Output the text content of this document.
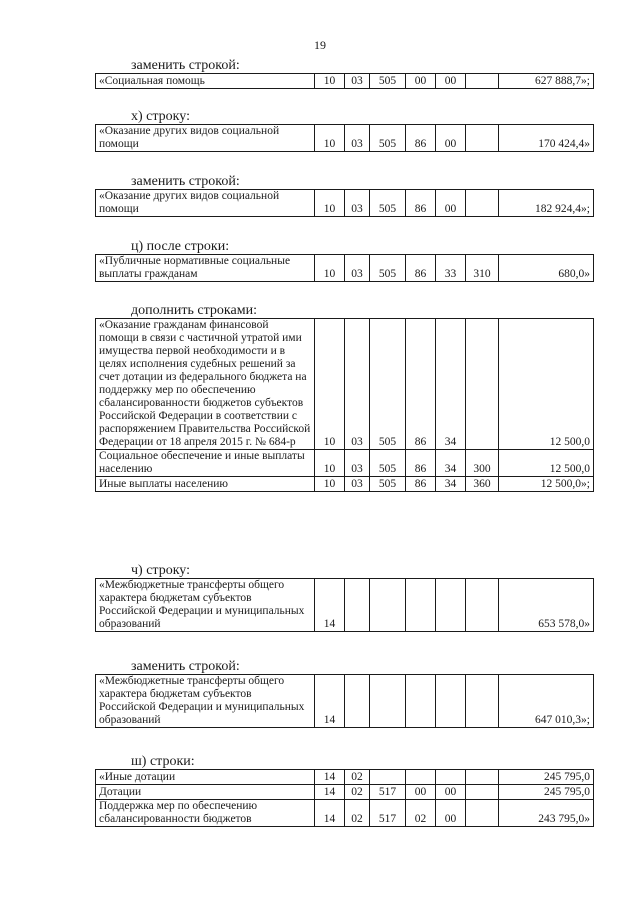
19
заменить строкой:
«Социальная помощь	10	03	505	00	00		627 888,7»;
х) строку:
«Оказание других видов социальной помощи	10	03	505	86	00		170 424,4»
заменить строкой:
«Оказание других видов социальной помощи	10	03	505	86	00		182 924,4»;
ц) после строки:
«Публичные нормативные социальные выплаты гражданам	10	03	505	86	33	310	680,0»
дополнить строками:
«Оказание гражданам финансовой помощи в связи с частичной утратой ими имущества первой необходимости и в целях исполнения судебных решений за счет дотации из федерального бюджета на поддержку мер по обеспечению сбалансированности бюджетов субъектов Российской Федерации в соответствии с распоряжением Правительства Российской Федерации от 18 апреля 2015 г. № 684-р	10	03	505	86	34		12 500,0
Социальное обеспечение и иные выплаты населению	10	03	505	86	34	300	12 500,0
Иные выплаты населению	10	03	505	86	34	360	12 500,0»;
ч) строку:
«Межбюджетные трансферты общего характера бюджетам субъектов Российской Федерации и муниципальных образований	14						653 578,0»
заменить строкой:
«Межбюджетные трансферты общего характера бюджетам субъектов Российской Федерации и муниципальных образований	14						647 010,3»;
ш) строки:
«Иные дотации	14	02					245 795,0
Дотации	14	02	517	00	00		245 795,0
Поддержка мер по обеспечению сбалансированности бюджетов	14	02	517	02	00		243 795,0»
